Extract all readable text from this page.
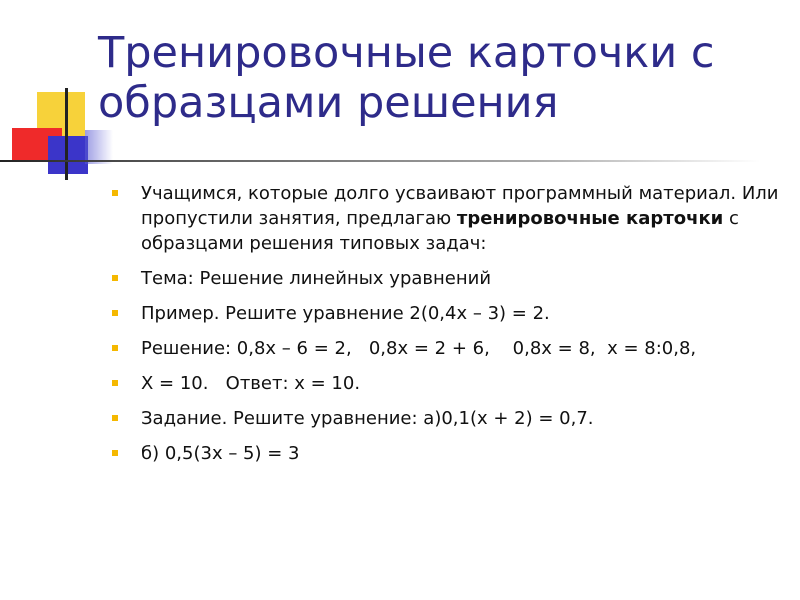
Тренировочные карточки с образцами решения
Учащимся, которые долго усваивают программный материал. Или пропустили занятия, предлагаю тренировочные карточки с образцами решения типовых задач:
Тема: Решение линейных уравнений
Пример. Решите уравнение 2(0,4х – 3) = 2.
Решение: 0,8х – 6 = 2,   0,8х = 2 + 6,    0,8х = 8,  х = 8:0,8,
Х = 10.   Ответ: х = 10.
Задание. Решите уравнение: а)0,1(х + 2) = 0,7.
б) 0,5(3х – 5) = 3
